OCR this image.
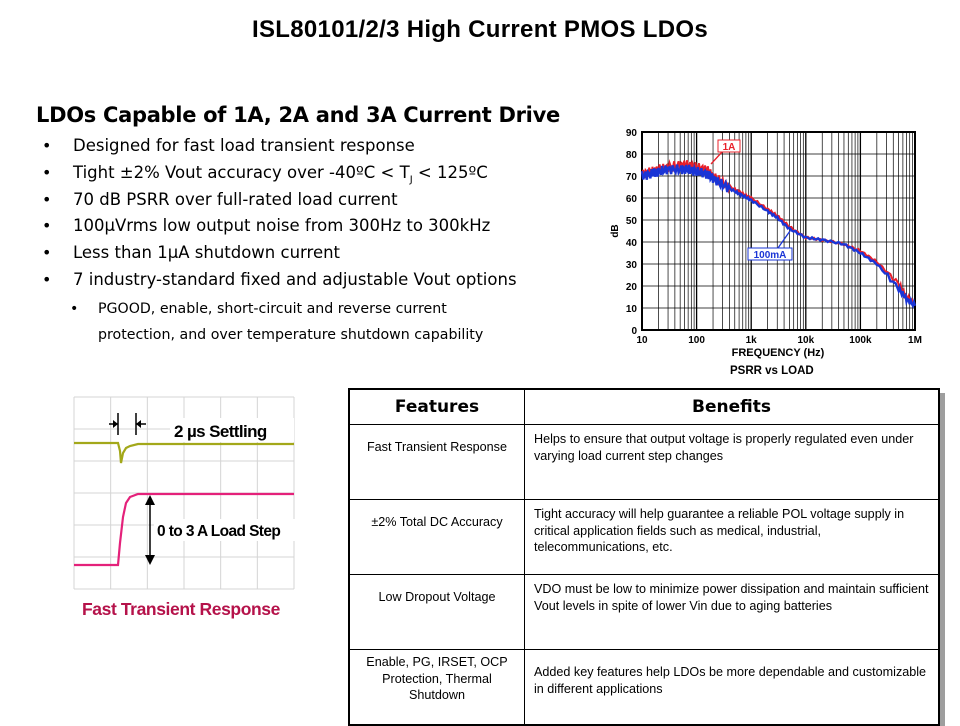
ISL80101/2/3 High Current PMOS LDOs
LDOs Capable of 1A, 2A and 3A Current Drive
• Designed for fast load transient response
• Tight ±2% Vout accuracy over -40ºC < $T_J$ < 125ºC
• 70 dB PSRR over full-rated load current
• 100µVrms low output noise from 300Hz to 300kHz
• Less than 1µA shutdown current
• 7 industry-standard fixed and adjustable Vout options
• PGOOD, enable, short-circuit and reverse current
protection, and over temperature shutdown capability	0
10
20
30
40
50
60
70
80
90
10	100	1k	10k	100k	1M
dB
FREQUENCY (Hz)
1A
100mA
PSRR vs LOAD
2 µs Settling
0 to 3 A Load Step
Fast Transient Response
Features	Benefits
Fast Transient Response	Helps to ensure that output voltage is properly regulated even under varying load current step changes
±2% Total DC Accuracy	Tight accuracy will help guarantee a reliable POL voltage supply in critical application fields such as medical, industrial, telecommunications, etc.
Low Dropout Voltage	VDO must be low to minimize power dissipation and maintain sufficient Vout levels in spite of lower Vin due to aging batteries
Enable, PG, IRSET, OCP Protection, Thermal Shutdown	Added key features help LDOs be more dependable and customizable in different applications
